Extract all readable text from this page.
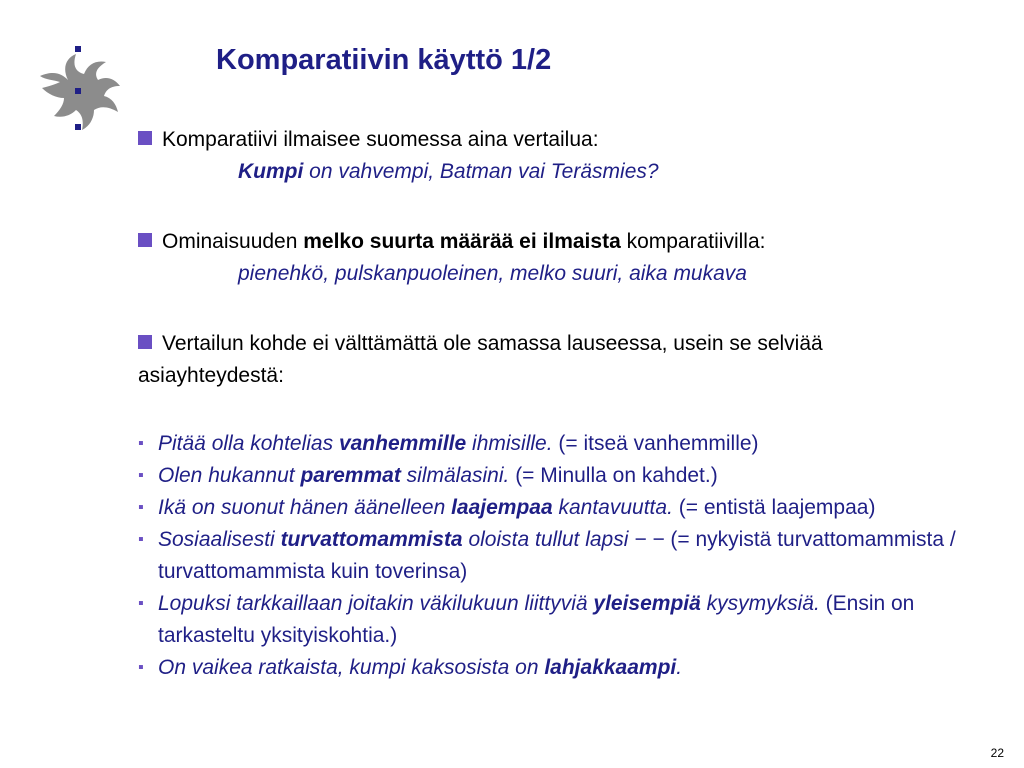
Komparatiivin käyttö 1/2
Komparatiivi ilmaisee suomessa aina vertailua:
Kumpi on vahvempi, Batman vai Teräsmies?
Ominaisuuden melko suurta määrää ei ilmaista komparatiivilla:
pienehkö, pulskanpuoleinen, melko suuri, aika mukava
Vertailun kohde ei välttämättä ole samassa lauseessa, usein se selviää
asiayhteydestä:
▪ Pitää olla kohtelias vanhemmille ihmisille. (= itseä vanhemmille)
▪ Olen hukannut paremmat silmälasini. (= Minulla on kahdet.)
▪ Ikä on suonut hänen äänelleen laajempaa kantavuutta. (= entistä laajempaa)
▪ Sosiaalisesti turvattomammista oloista tullut lapsi − − (= nykyistä turvattomammista / turvattomammista kuin toverinsa)
▪ Lopuksi tarkkaillaan joitakin väkilukuun liittyviä yleisempiä kysymyksiä. (Ensin on tarkasteltu yksityiskohtia.)
▪ On vaikea ratkaista, kumpi kaksosista on lahjakkaampi.
22
